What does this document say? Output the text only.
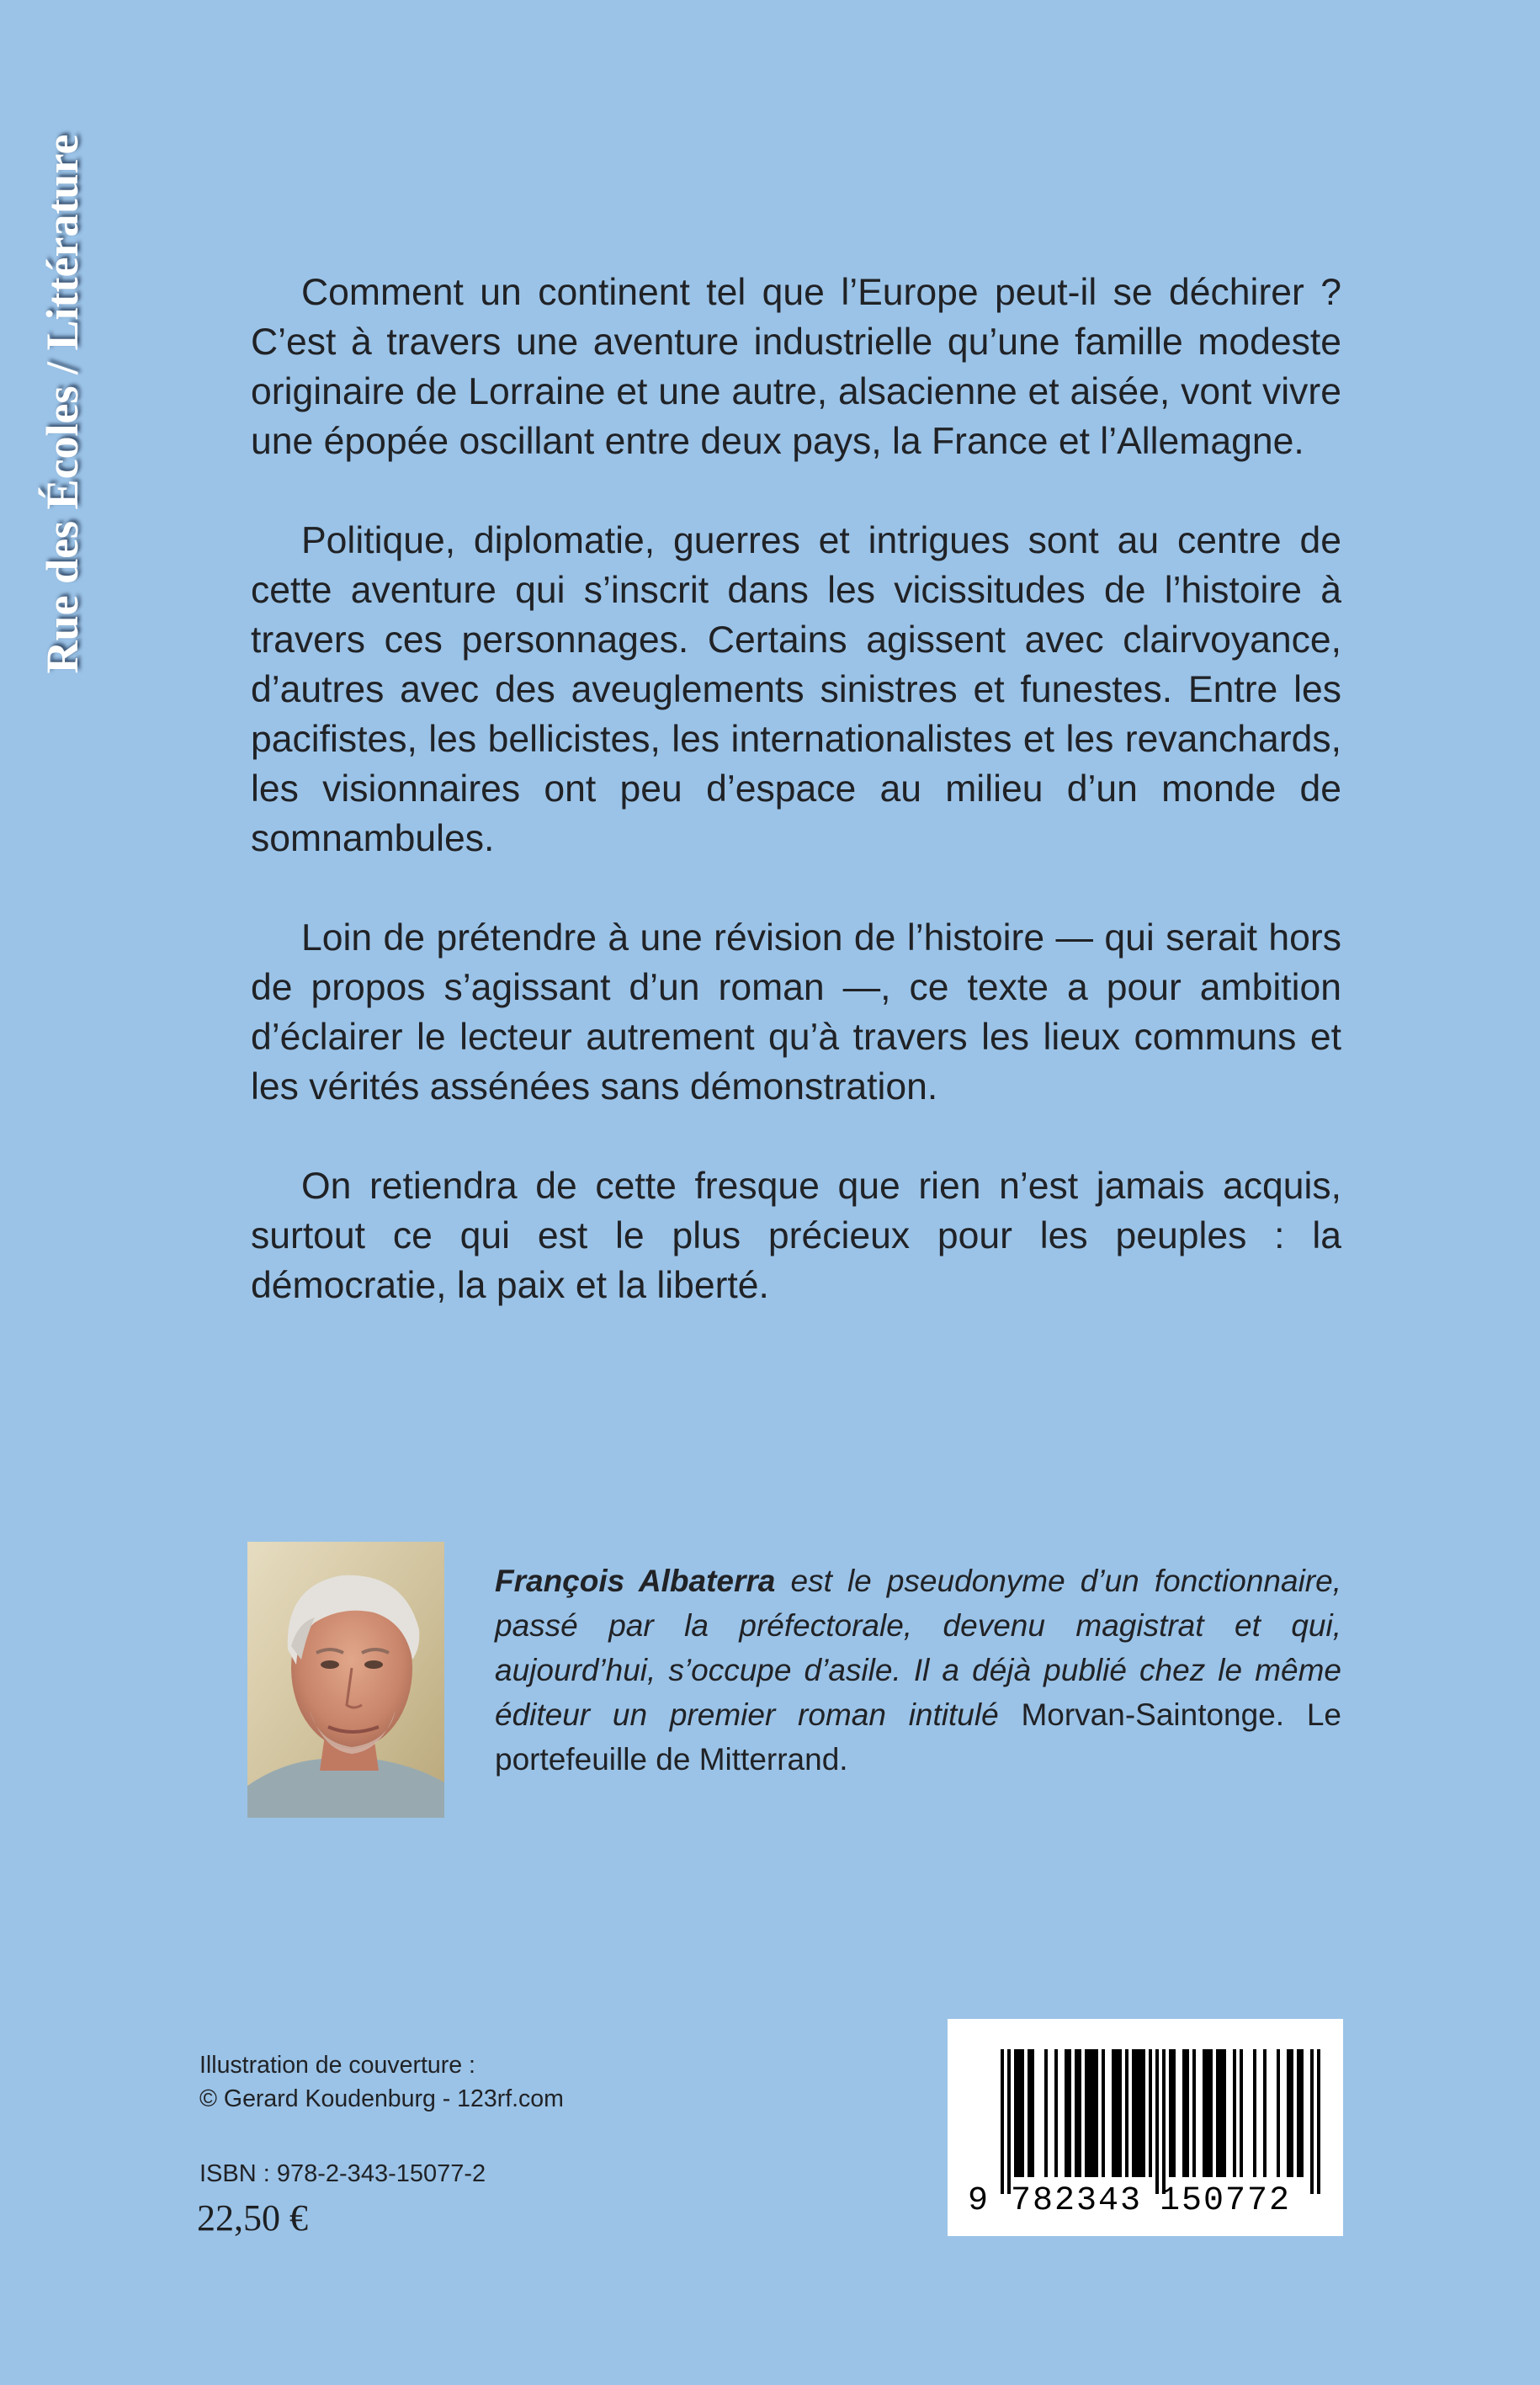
Rue des Écoles / Littérature	Comment un continent tel que l’Europe peut-il se déchirer ? C’est à travers une aventure industrielle qu’une famille modeste originaire de Lorraine et une autre, alsacienne et aisée, vont vivre une épopée oscillant entre deux pays, la France et l’Allemagne.

Politique, diplomatie, guerres et intrigues sont au centre de cette aventure qui s’inscrit dans les vicissitudes de l’histoire à travers ces personnages. Certains agissent avec clairvoyance, d’autres avec des aveuglements sinistres et funestes. Entre les pacifistes, les bellicistes, les internationalistes et les revanchards, les visionnaires ont peu d’espace au milieu d’un monde de somnambules.

Loin de prétendre à une révision de l’histoire — qui serait hors de propos s’agissant d’un roman —, ce texte a pour ambition d’éclairer le lecteur autrement qu’à travers les lieux communs et les vérités assénées sans démonstration.

On retiendra de cette fresque que rien n’est jamais acquis, surtout ce qui est le plus précieux pour les peuples : la démocratie, la paix et la liberté.

François Albaterra est le pseudonyme d’un fonctionnaire, passé par la préfectorale, devenu magistrat et qui, aujourd’hui, s’occupe d’asile. Il a déjà publié chez le même éditeur un premier roman intitulé Morvan-Saintonge. Le portefeuille de Mitterrand.
Illustration de couverture :
© Gerard Koudenburg - 123rf.com
ISBN : 978-2-343-15077-2
22,50 €	9 782343 150772
